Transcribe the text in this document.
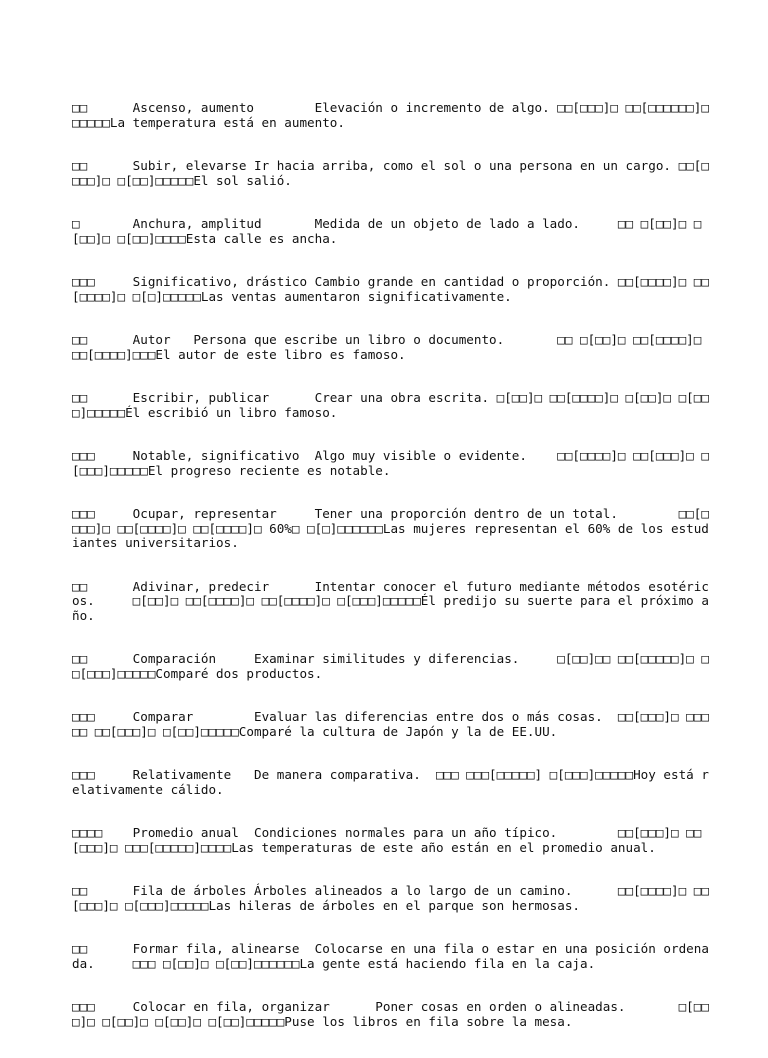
□□	Ascenso, aumento	Elevación o incremento de algo.	□□[□□□]□ □□[□□□□□□]□□□□□□La temperatura está en aumento.

□□	Subir, elevarse	Ir hacia arriba, como el sol o una persona en un cargo.	□□[□□□□]□ □[□□]□□□□□El sol salió.

□	Anchura, amplitud	Medida de un objeto de lado a lado.	□□ □[□□]□ □[□□]□ □[□□]□□□□Esta calle es ancha.

□□□	Significativo, drástico	Cambio grande en cantidad o proporción.	□□[□□□□]□ □□[□□□□]□ □[□]□□□□□Las ventas aumentaron significativamente.

□□	Autor	Persona que escribe un libro o documento.	□□ □[□□]□ □□[□□□□]□ □□[□□□□]□□□El autor de este libro es famoso.

□□	Escribir, publicar	Crear una obra escrita.	□[□□]□ □□[□□□□]□ □[□□]□ □[□□□]□□□□□Él escribió un libro famoso.

□□□	Notable, significativo	Algo muy visible o evidente.	□□[□□□□]□ □□[□□□]□ □[□□□]□□□□□El progreso reciente es notable.

□□□	Ocupar, representar	Tener una proporción dentro de un total.	□□[□□□□]□ □□[□□□□]□ □□[□□□□]□ 60%□ □[□]□□□□□□Las mujeres representan el 60% de los estudiantes universitarios.

□□	Adivinar, predecir	Intentar conocer el futuro mediante métodos esotéricos.	□[□□]□ □□[□□□□]□ □□[□□□□]□ □[□□□]□□□□□Él predijo su suerte para el próximo año.

□□	Comparación	Examinar similitudes y diferencias.	□[□□]□□ □□[□□□□□]□ □□[□□□]□□□□□Comparé dos productos.

□□□	Comparar	Evaluar las diferencias entre dos o más cosas.	□□[□□□]□ □□□□□ □□[□□□]□ □[□□]□□□□□Comparé la cultura de Japón y la de EE.UU.

□□□	Relativamente	De manera comparativa.	□□□ □□□[□□□□□] □[□□□]□□□□□Hoy está relativamente cálido.

□□□□	Promedio anual	Condiciones normales para un año típico.	□□[□□□]□ □□[□□□]□ □□□[□□□□□]□□□□Las temperaturas de este año están en el promedio anual.

□□	Fila de árboles	Árboles alineados a lo largo de un camino.	□□[□□□□]□ □□[□□□]□ □[□□□]□□□□□Las hileras de árboles en el parque son hermosas.

□□	Formar fila, alinearse	Colocarse en una fila o estar en una posición ordenada.	□□□ □[□□]□ □[□□]□□□□□□La gente está haciendo fila en la caja.

□□□	Colocar en fila, organizar	Poner cosas en orden o alineadas.	□[□□□]□ □[□□]□ □[□□]□ □[□□]□□□□□Puse los libros en fila sobre la mesa.
